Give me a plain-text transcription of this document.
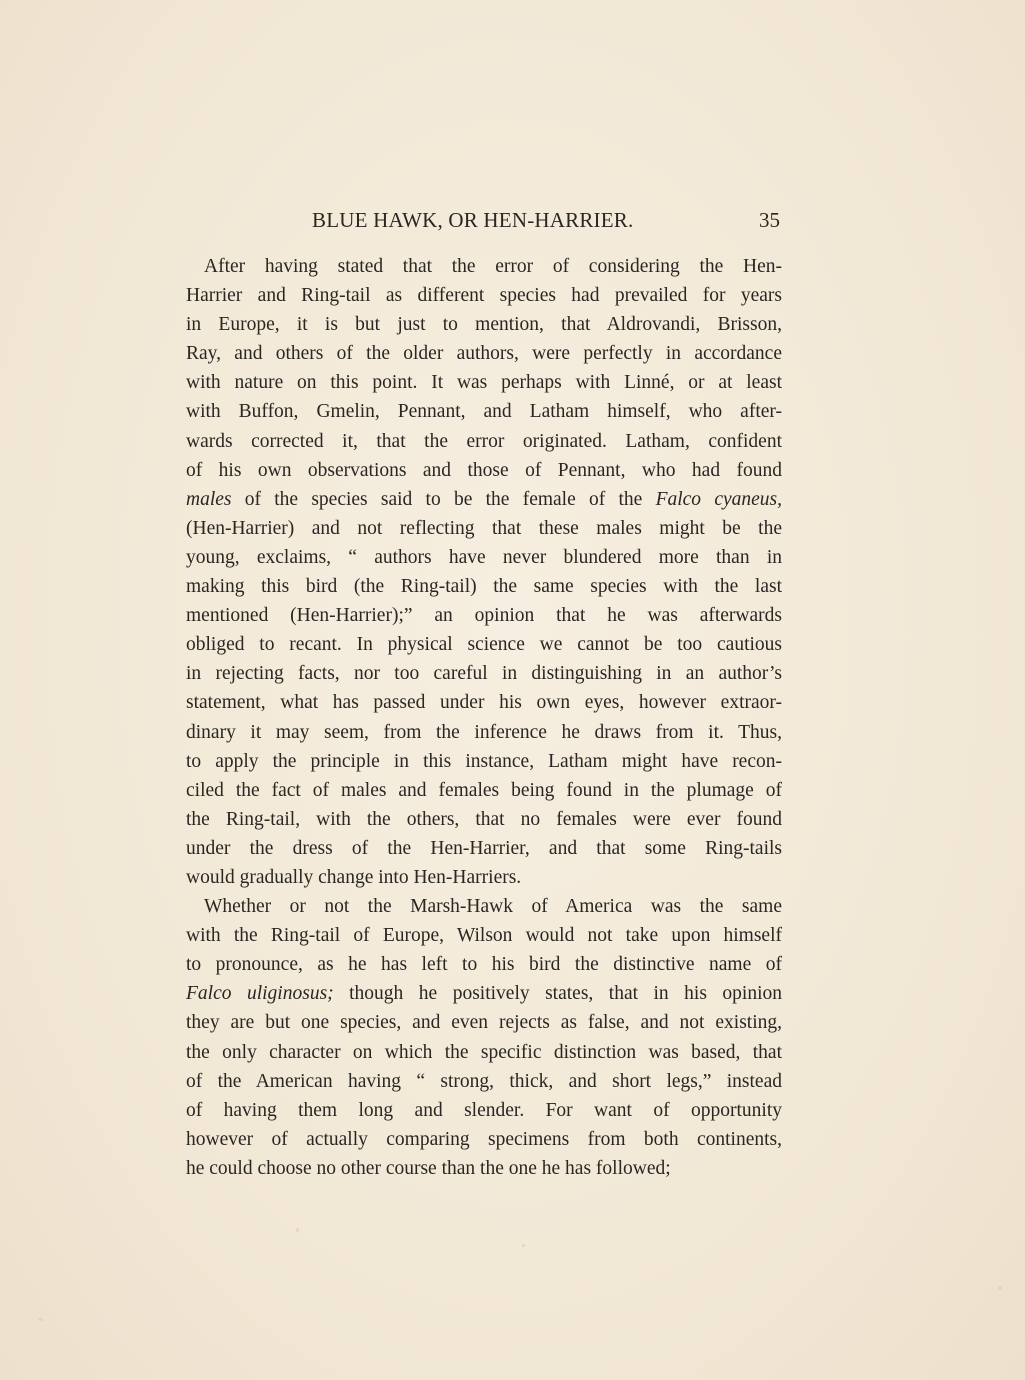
BLUE HAWK, OR HEN-HARRIER.	35
After having stated that the error of considering the Hen-
Harrier and Ring-tail as different species had prevailed for years
in Europe, it is but just to mention, that Aldrovandi, Brisson,
Ray, and others of the older authors, were perfectly in accordance
with nature on this point. It was perhaps with Linné, or at least
with Buffon, Gmelin, Pennant, and Latham himself, who after-
wards corrected it, that the error originated. Latham, confident
of his own observations and those of Pennant, who had found
males of the species said to be the female of the Falco cyaneus,
(Hen-Harrier) and not reflecting that these males might be the
young, exclaims, “ authors have never blundered more than in
making this bird (the Ring-tail) the same species with the last
mentioned (Hen-Harrier);” an opinion that he was afterwards
obliged to recant. In physical science we cannot be too cautious
in rejecting facts, nor too careful in distinguishing in an author’s
statement, what has passed under his own eyes, however extraor-
dinary it may seem, from the inference he draws from it. Thus,
to apply the principle in this instance, Latham might have recon-
ciled the fact of males and females being found in the plumage of
the Ring-tail, with the others, that no females were ever found
under the dress of the Hen-Harrier, and that some Ring-tails
would gradually change into Hen-Harriers.
Whether or not the Marsh-Hawk of America was the same
with the Ring-tail of Europe, Wilson would not take upon himself
to pronounce, as he has left to his bird the distinctive name of
Falco uliginosus; though he positively states, that in his opinion
they are but one species, and even rejects as false, and not existing,
the only character on which the specific distinction was based, that
of the American having “ strong, thick, and short legs,” instead
of having them long and slender. For want of opportunity
however of actually comparing specimens from both continents,
he could choose no other course than the one he has followed;
